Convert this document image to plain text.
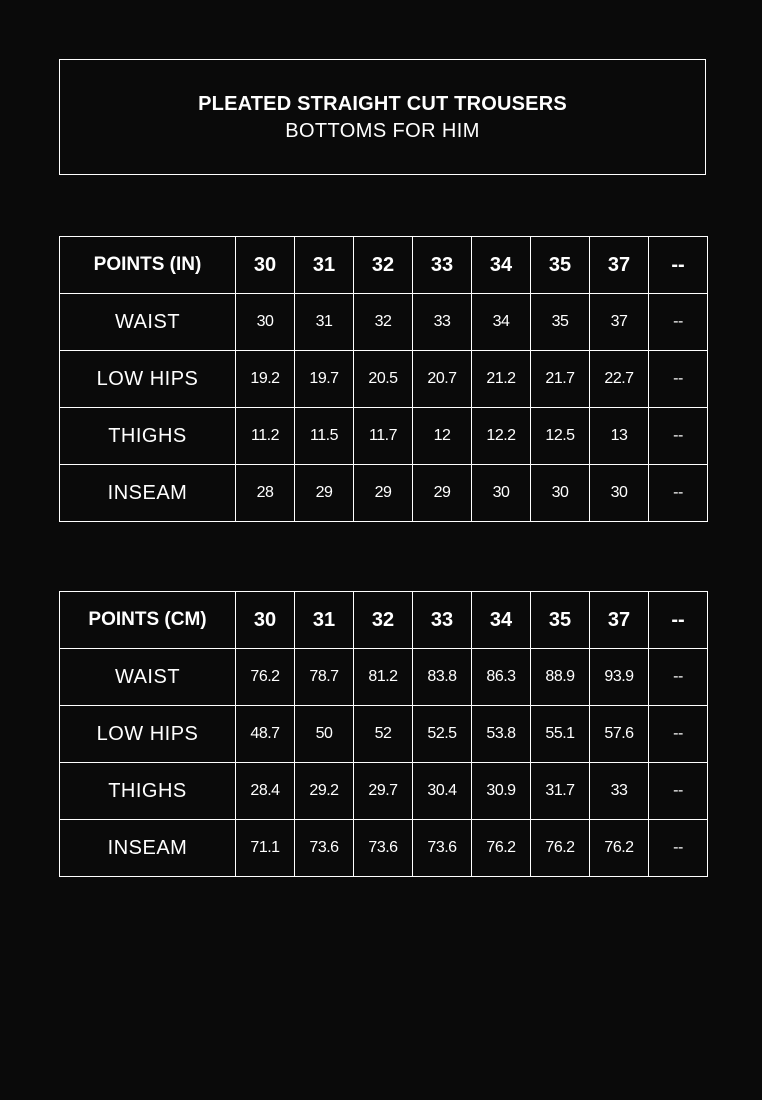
PLEATED STRAIGHT CUT TROUSERS
BOTTOMS FOR HIM
POINTS (IN)	30	31	32	33	34	35	37	--
WAIST	30	31	32	33	34	35	37	--
LOW HIPS	19.2	19.7	20.5	20.7	21.2	21.7	22.7	--
THIGHS	11.2	11.5	11.7	12	12.2	12.5	13	--
INSEAM	28	29	29	29	30	30	30	--
POINTS (CM)	30	31	32	33	34	35	37	--
WAIST	76.2	78.7	81.2	83.8	86.3	88.9	93.9	--
LOW HIPS	48.7	50	52	52.5	53.8	55.1	57.6	--
THIGHS	28.4	29.2	29.7	30.4	30.9	31.7	33	--
INSEAM	71.1	73.6	73.6	73.6	76.2	76.2	76.2	--
